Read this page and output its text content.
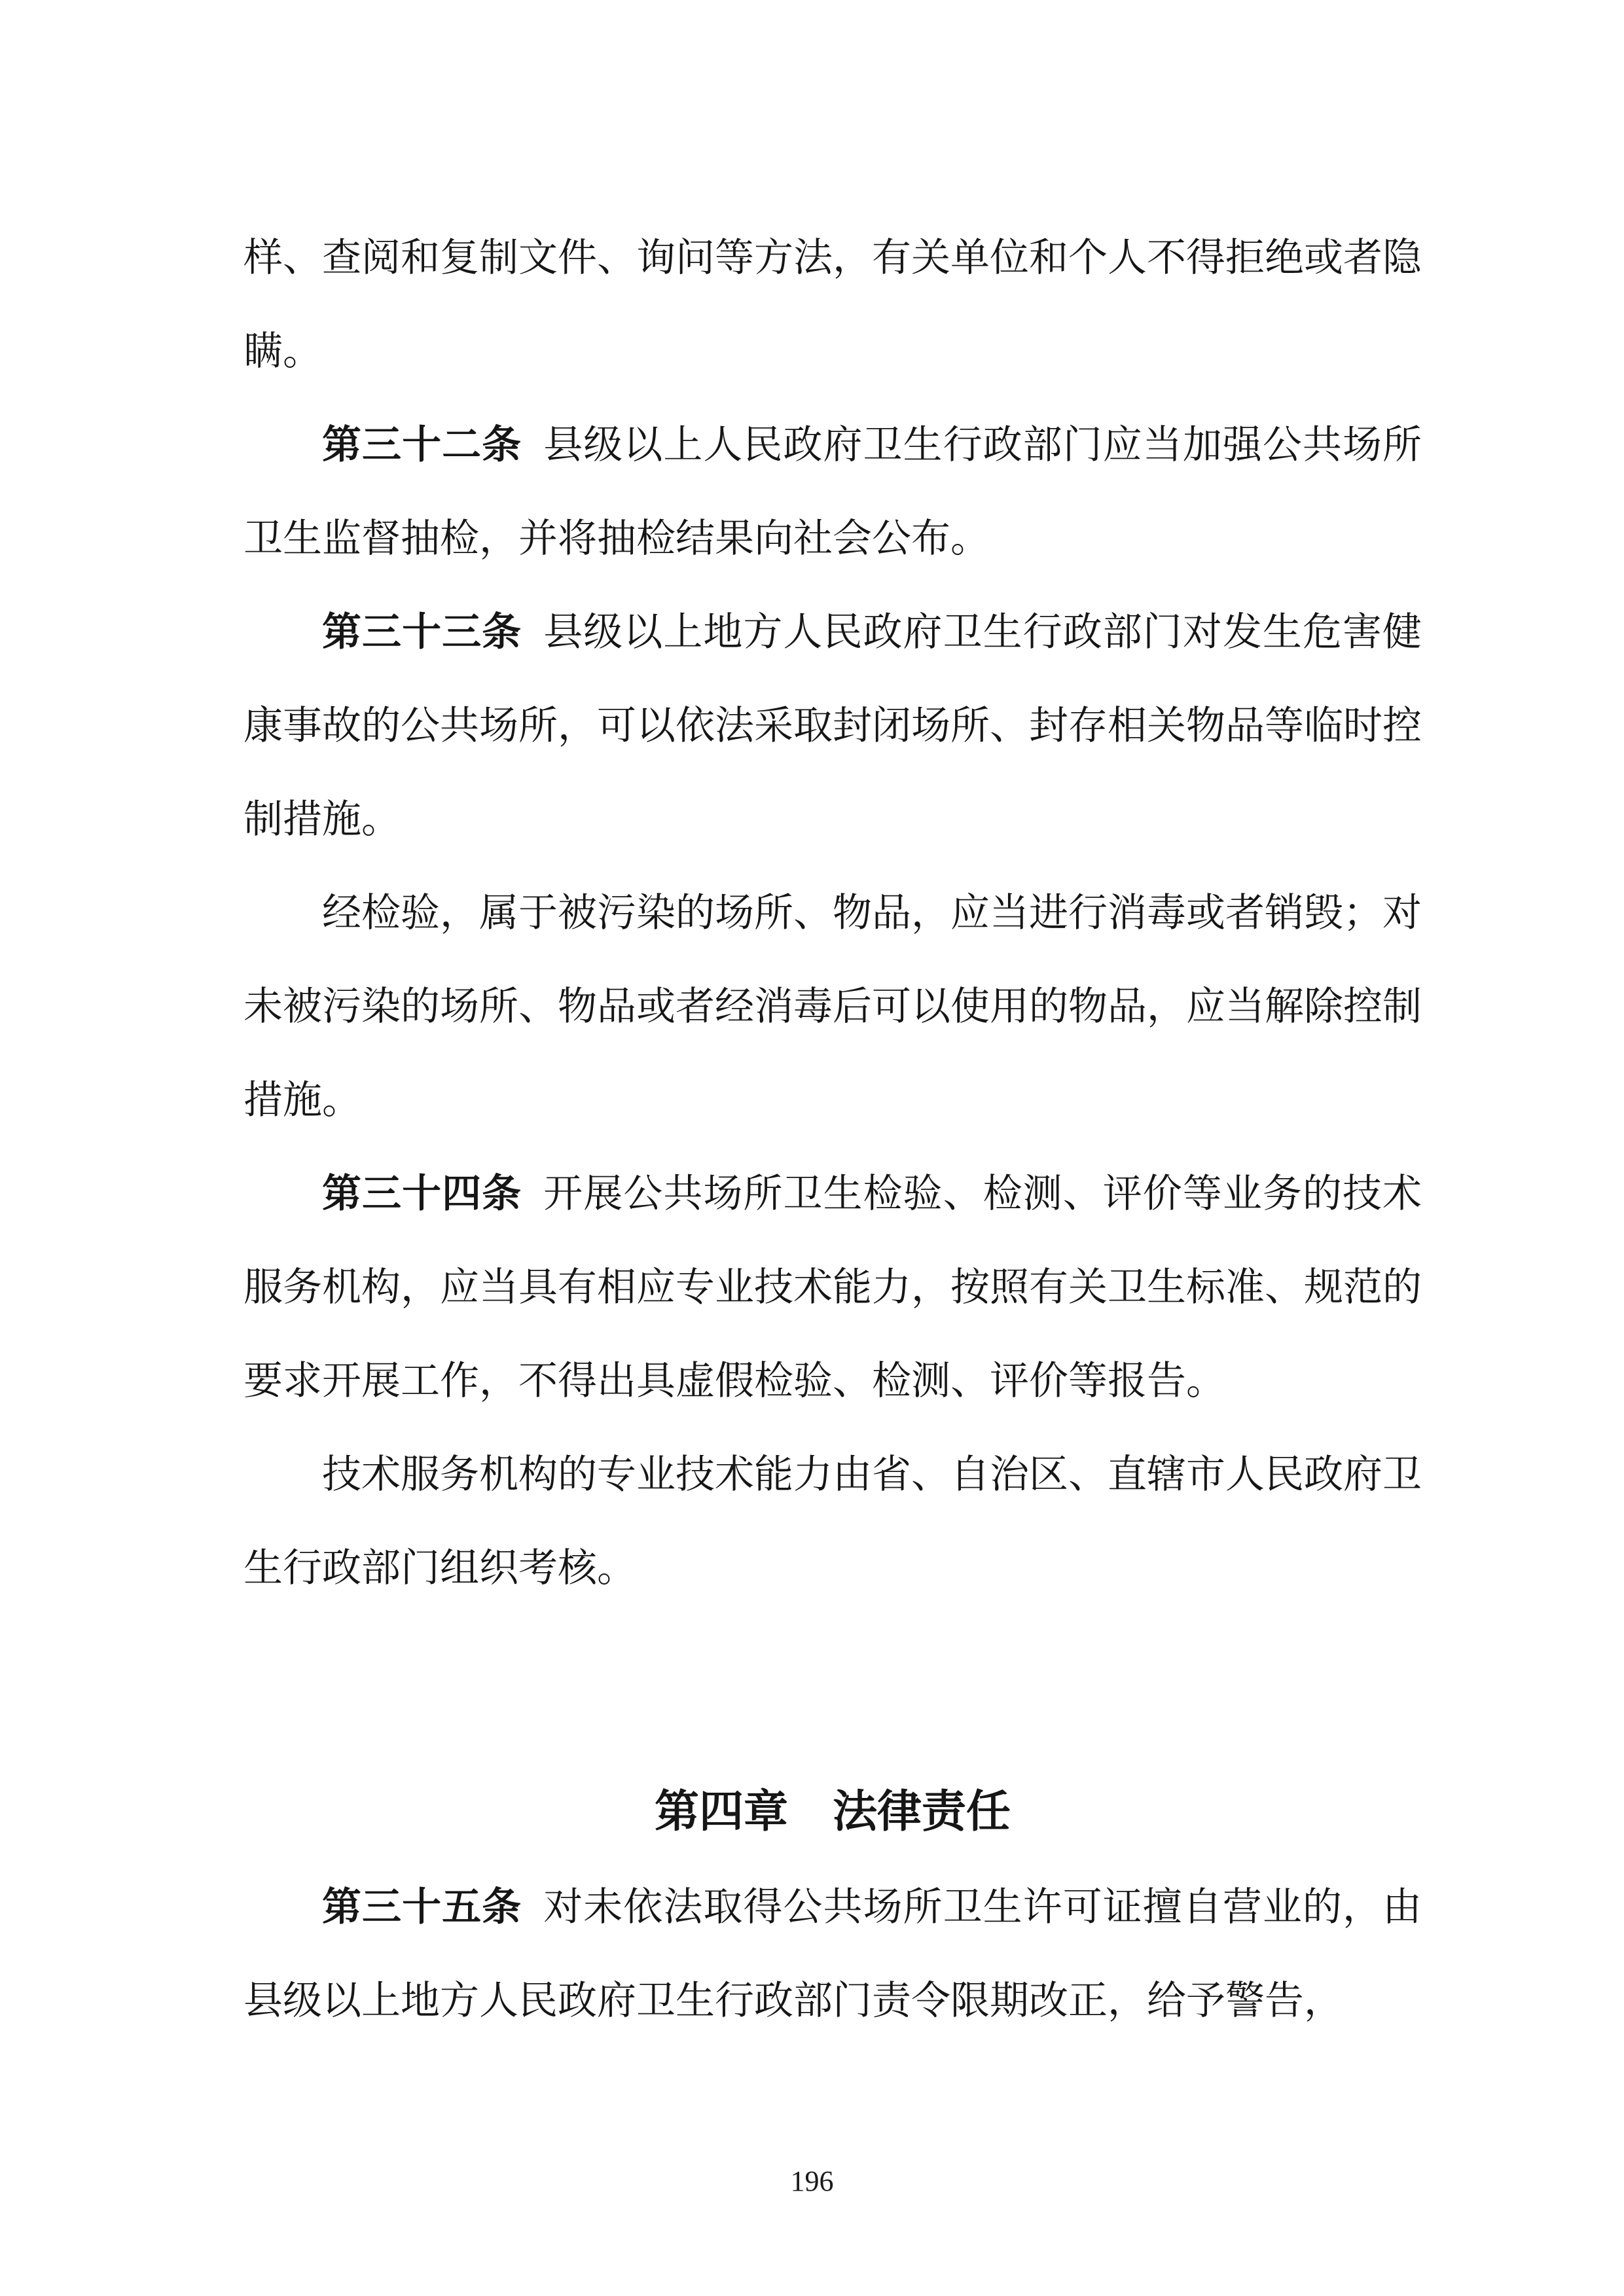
样、查阅和复制文件、询问等方法，有关单位和个人不得拒绝或者隐瞒。

第三十二条 县级以上人民政府卫生行政部门应当加强公共场所卫生监督抽检，并将抽检结果向社会公布。

第三十三条 县级以上地方人民政府卫生行政部门对发生危害健康事故的公共场所，可以依法采取封闭场所、封存相关物品等临时控制措施。

经检验，属于被污染的场所、物品，应当进行消毒或者销毁；对未被污染的场所、物品或者经消毒后可以使用的物品，应当解除控制措施。

第三十四条 开展公共场所卫生检验、检测、评价等业务的技术服务机构，应当具有相应专业技术能力，按照有关卫生标准、规范的要求开展工作，不得出具虚假检验、检测、评价等报告。

技术服务机构的专业技术能力由省、自治区、直辖市人民政府卫生行政部门组织考核。

第四章　法律责任

第三十五条 对未依法取得公共场所卫生许可证擅自营业的，由县级以上地方人民政府卫生行政部门责令限期改正，给予警告，

196
